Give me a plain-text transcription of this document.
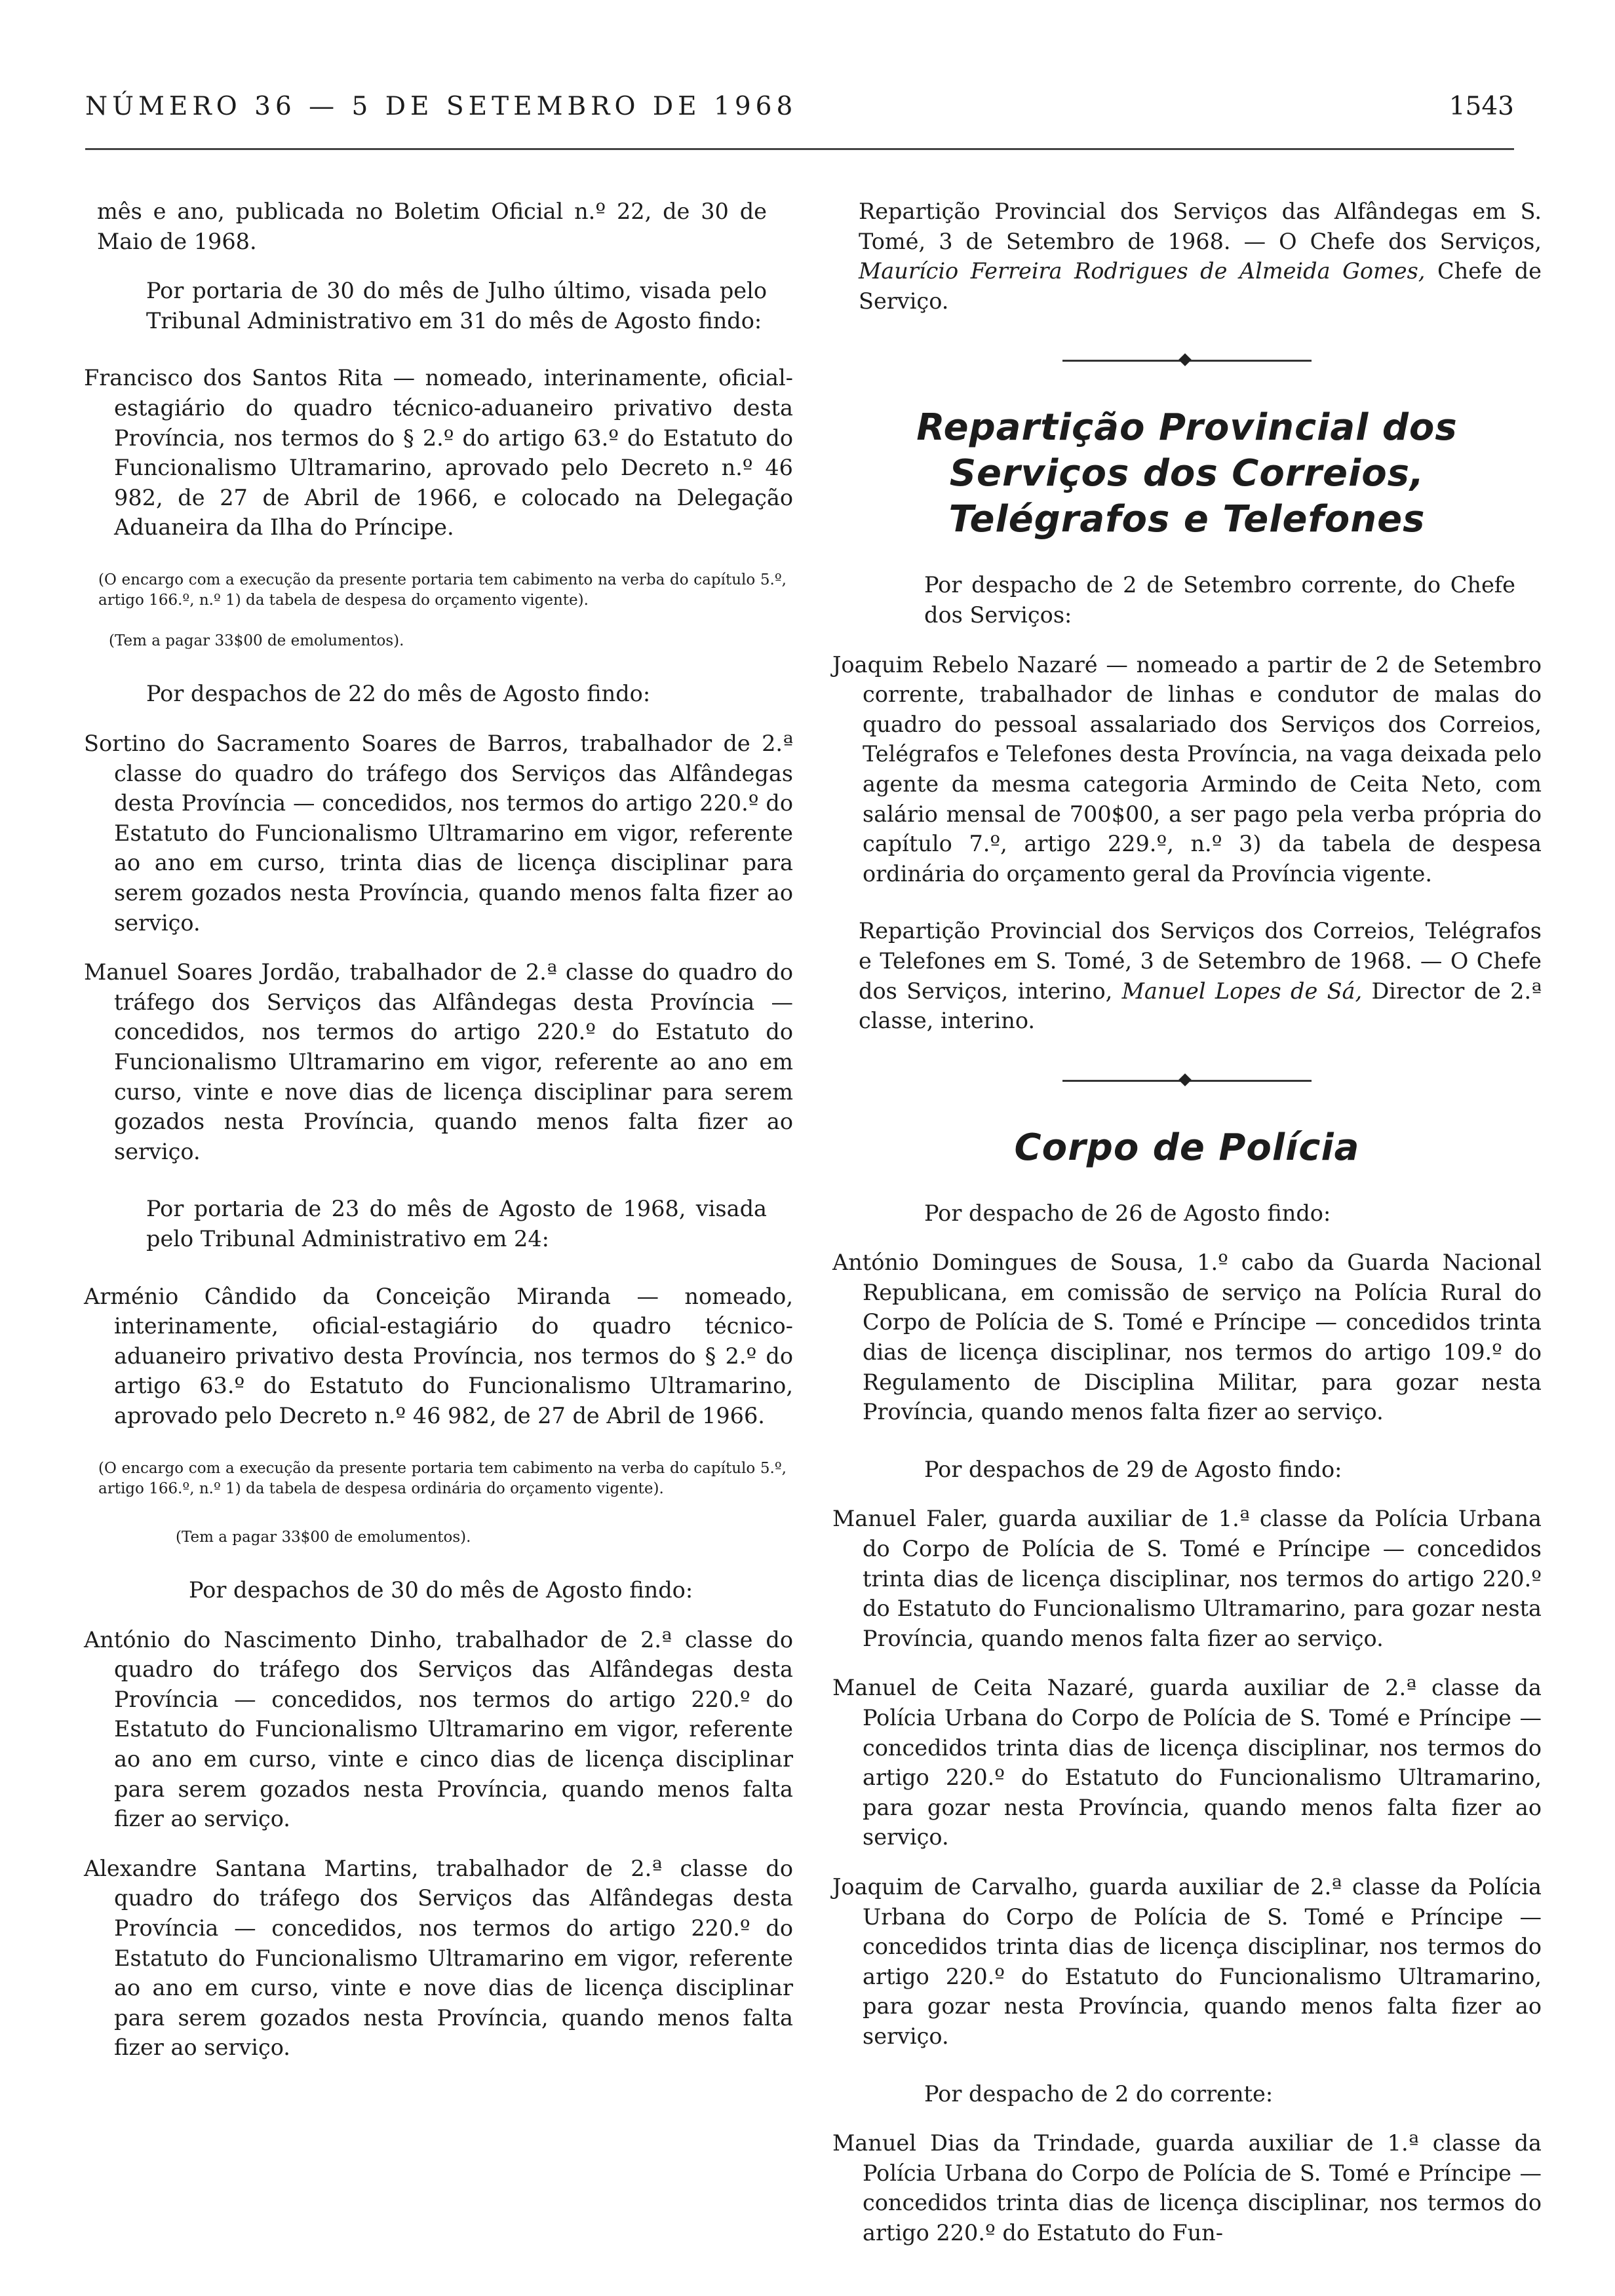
NÚMERO 36 — 5 DE SETEMBRO DE 1968	1543

mês e ano, publicada no Boletim Oficial n.º 22, de 30 de Maio de 1968.

Por portaria de 30 do mês de Julho último, visada pelo Tribunal Administrativo em 31 do mês de Agosto findo:

Francisco dos Santos Rita — nomeado, interinamente, oficial-estagiário do quadro técnico-aduaneiro privativo desta Província, nos termos do § 2.º do artigo 63.º do Estatuto do Funcionalismo Ultramarino, aprovado pelo Decreto n.º 46 982, de 27 de Abril de 1966, e colocado na Delegação Aduaneira da Ilha do Príncipe.

(O encargo com a execução da presente portaria tem cabimento na verba do capítulo 5.º, artigo 166.º, n.º 1) da tabela de despesa do orçamento vigente).

(Tem a pagar 33$00 de emolumentos).

Por despachos de 22 do mês de Agosto findo:

Sortino do Sacramento Soares de Barros, trabalhador de 2.ª classe do quadro do tráfego dos Serviços das Alfândegas desta Província — concedidos, nos termos do artigo 220.º do Estatuto do Funcionalismo Ultramarino em vigor, referente ao ano em curso, trinta dias de licença disciplinar para serem gozados nesta Província, quando menos falta fizer ao serviço.

Manuel Soares Jordão, trabalhador de 2.ª classe do quadro do tráfego dos Serviços das Alfândegas desta Província — concedidos, nos termos do artigo 220.º do Estatuto do Funcionalismo Ultramarino em vigor, referente ao ano em curso, vinte e nove dias de licença disciplinar para serem gozados nesta Província, quando menos falta fizer ao serviço.

Por portaria de 23 do mês de Agosto de 1968, visada pelo Tribunal Administrativo em 24:

Arménio Cândido da Conceição Miranda — nomeado, interinamente, oficial-estagiário do quadro técnico-aduaneiro privativo desta Província, nos termos do § 2.º do artigo 63.º do Estatuto do Funcionalismo Ultramarino, aprovado pelo Decreto n.º 46 982, de 27 de Abril de 1966.

(O encargo com a execução da presente portaria tem cabimento na verba do capítulo 5.º, artigo 166.º, n.º 1) da tabela de despesa ordinária do orçamento vigente).

(Tem a pagar 33$00 de emolumentos).

Por despachos de 30 do mês de Agosto findo:

António do Nascimento Dinho, trabalhador de 2.ª classe do quadro do tráfego dos Serviços das Alfândegas desta Província — concedidos, nos termos do artigo 220.º do Estatuto do Funcionalismo Ultramarino em vigor, referente ao ano em curso, vinte e cinco dias de licença disciplinar para serem gozados nesta Província, quando menos falta fizer ao serviço.

Alexandre Santana Martins, trabalhador de 2.ª classe do quadro do tráfego dos Serviços das Alfândegas desta Província — concedidos, nos termos do artigo 220.º do Estatuto do Funcionalismo Ultramarino em vigor, referente ao ano em curso, vinte e nove dias de licença disciplinar para serem gozados nesta Província, quando menos falta fizer ao serviço.

Repartição Provincial dos Serviços das Alfândegas em S. Tomé, 3 de Setembro de 1968. — O Chefe dos Serviços, Maurício Ferreira Rodrigues de Almeida Gomes, Chefe de Serviço.

Repartição Provincial dos Serviços dos Correios, Telégrafos e Telefones

Por despacho de 2 de Setembro corrente, do Chefe dos Serviços:

Joaquim Rebelo Nazaré — nomeado a partir de 2 de Setembro corrente, trabalhador de linhas e condutor de malas do quadro do pessoal assalariado dos Serviços dos Correios, Telégrafos e Telefones desta Província, na vaga deixada pelo agente da mesma categoria Armindo de Ceita Neto, com salário mensal de 700$00, a ser pago pela verba própria do capítulo 7.º, artigo 229.º, n.º 3) da tabela de despesa ordinária do orçamento geral da Província vigente.

Repartição Provincial dos Serviços dos Correios, Telégrafos e Telefones em S. Tomé, 3 de Setembro de 1968. — O Chefe dos Serviços, interino, Manuel Lopes de Sá, Director de 2.ª classe, interino.

Corpo de Polícia

Por despacho de 26 de Agosto findo:

António Domingues de Sousa, 1.º cabo da Guarda Nacional Republicana, em comissão de serviço na Polícia Rural do Corpo de Polícia de S. Tomé e Príncipe — concedidos trinta dias de licença disciplinar, nos termos do artigo 109.º do Regulamento de Disciplina Militar, para gozar nesta Província, quando menos falta fizer ao serviço.

Por despachos de 29 de Agosto findo:

Manuel Faler, guarda auxiliar de 1.ª classe da Polícia Urbana do Corpo de Polícia de S. Tomé e Príncipe — concedidos trinta dias de licença disciplinar, nos termos do artigo 220.º do Estatuto do Funcionalismo Ultramarino, para gozar nesta Província, quando menos falta fizer ao serviço.

Manuel de Ceita Nazaré, guarda auxiliar de 2.ª classe da Polícia Urbana do Corpo de Polícia de S. Tomé e Príncipe — concedidos trinta dias de licença disciplinar, nos termos do artigo 220.º do Estatuto do Funcionalismo Ultramarino, para gozar nesta Província, quando menos falta fizer ao serviço.

Joaquim de Carvalho, guarda auxiliar de 2.ª classe da Polícia Urbana do Corpo de Polícia de S. Tomé e Príncipe — concedidos trinta dias de licença disciplinar, nos termos do artigo 220.º do Estatuto do Funcionalismo Ultramarino, para gozar nesta Província, quando menos falta fizer ao serviço.

Por despacho de 2 do corrente:

Manuel Dias da Trindade, guarda auxiliar de 1.ª classe da Polícia Urbana do Corpo de Polícia de S. Tomé e Príncipe — concedidos trinta dias de licença disciplinar, nos termos do artigo 220.º do Estatuto do Fun-
